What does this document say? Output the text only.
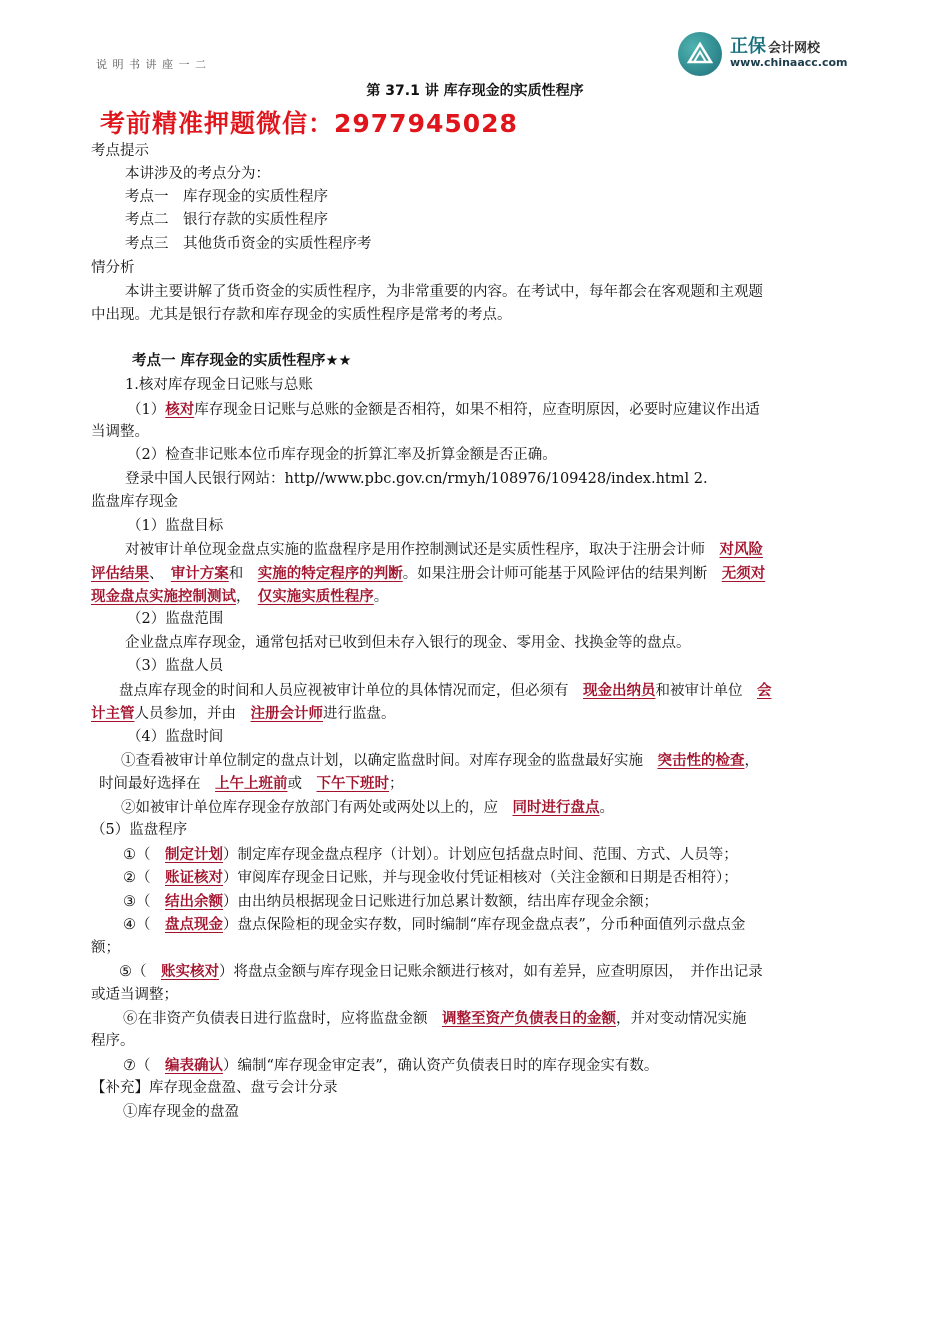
说 明 书 讲 座 一 二
正保 会计网校
www.chinaacc.com
第 37.1 讲 库存现金的实质性程序
考前精准押题微信：2977945028
考点提示
本讲涉及的考点分为：
考点一　库存现金的实质性程序
考点二　银行存款的实质性程序
考点三　其他货币资金的实质性程序考
情分析
本讲主要讲解了货币资金的实质性程序，为非常重要的内容。在考试中，每年都会在客观题和主观题
中出现。尤其是银行存款和库存现金的实质性程序是常考的考点。
考点一 库存现金的实质性程序★★
1.核对库存现金日记账与总账
（1）核对库存现金日记账与总账的金额是否相符，如果不相符，应查明原因，必要时应建议作出适
当调整。
（2）检查非记账本位币库存现金的折算汇率及折算金额是否正确。
登录中国人民银行网站：http//www.pbc.gov.cn/rmyh/108976/109428/index.html 2.
监盘库存现金
（1）监盘目标
对被审计单位现金盘点实施的监盘程序是用作控制测试还是实质性程序，取决于注册会计师　 对风险
评估结果、　 审计方案和　 实施的特定程序的判断。如果注册会计师可能基于风险评估的结果判断　 无须对
现金盘点实施控制测试，　 仅实施实质性程序。
（2）监盘范围
企业盘点库存现金，通常包括对已收到但未存入银行的现金、零用金、找换金等的盘点。
（3）监盘人员
盘点库存现金的时间和人员应视被审计单位的具体情况而定，但必须有　 现金出纳员和被审计单位　 会
计主管人员参加，并由　 注册会计师进行监盘。
（4）监盘时间
①查看被审计单位制定的盘点计划，以确定监盘时间。对库存现金的监盘最好实施　 突击性的检查，
时间最好选择在　 上午上班前或　 下午下班时；
②如被审计单位库存现金存放部门有两处或两处以上的，应　 同时进行盘点。
（5）监盘程序
①（　 制定计划）制定库存现金盘点程序（计划）。计划应包括盘点时间、范围、方式、人员等；
②（　 账证核对）审阅库存现金日记账，并与现金收付凭证相核对（关注金额和日期是否相符）；
③（　 结出余额）由出纳员根据现金日记账进行加总累计数额，结出库存现金余额；
④（　 盘点现金）盘点保险柜的现金实存数，同时编制“库存现金盘点表”，分币种面值列示盘点金
额；
⑤（　 账实核对）将盘点金额与库存现金日记账余额进行核对，如有差异，应查明原因，　并作出记录
或适当调整；
⑥在非资产负债表日进行监盘时，应将监盘金额　 调整至资产负债表日的金额，并对变动情况实施
程序。
⑦（　 编表确认）编制“库存现金审定表”，确认资产负债表日时的库存现金实有数。
【补充】库存现金盘盈、盘亏会计分录
①库存现金的盘盈
